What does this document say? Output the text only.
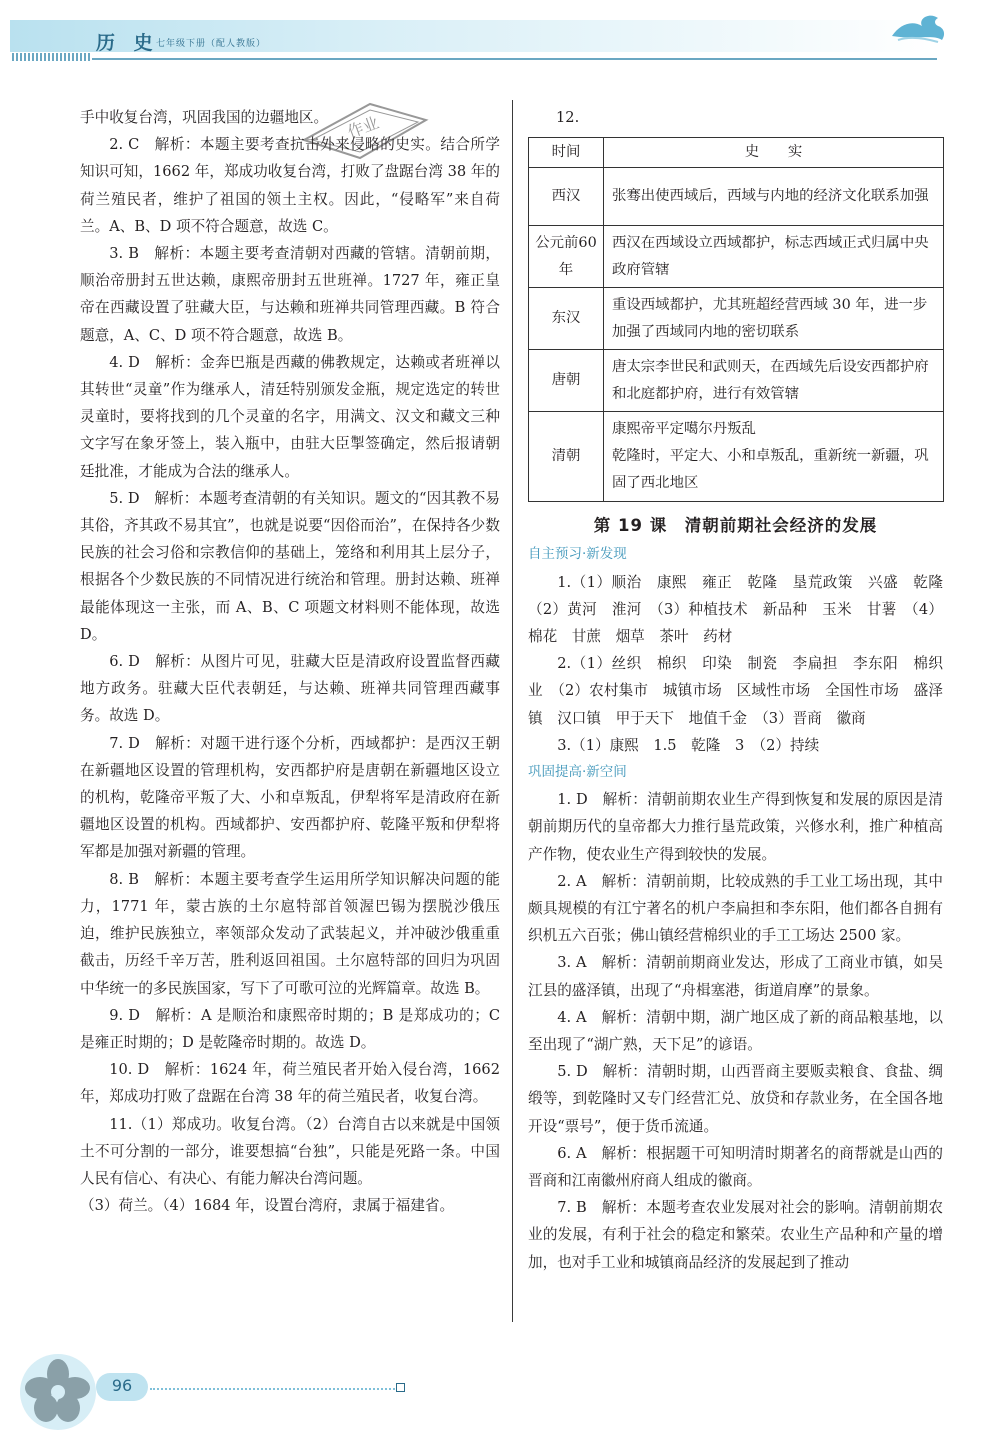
历 史
七年级下册（配人教版）
作业
手中收复台湾，巩固我国的边疆地区。
2. C　解析：本题主要考查抗击外来侵略的史实。结合所学知识可知，1662 年，郑成功收复台湾，打败了盘踞台湾 38 年的荷兰殖民者，维护了祖国的领土主权。因此，“侵略军”来自荷兰。A、B、D 项不符合题意，故选 C。
3. B　解析：本题主要考查清朝对西藏的管辖。清朝前期，顺治帝册封五世达赖，康熙帝册封五世班禅。1727 年，雍正皇帝在西藏设置了驻藏大臣，与达赖和班禅共同管理西藏。B 符合题意，A、C、D 项不符合题意，故选 B。
4. D　解析：金奔巴瓶是西藏的佛教规定，达赖或者班禅以其转世“灵童”作为继承人，清廷特别颁发金瓶，规定选定的转世灵童时，要将找到的几个灵童的名字，用满文、汉文和藏文三种文字写在象牙签上，装入瓶中，由驻大臣掣签确定，然后报请朝廷批准，才能成为合法的继承人。
5. D　解析：本题考查清朝的有关知识。题文的“因其教不易其俗，齐其政不易其宜”，也就是说要“因俗而治”，在保持各少数民族的社会习俗和宗教信仰的基础上，笼络和利用其上层分子，根据各个少数民族的不同情况进行统治和管理。册封达赖、班禅最能体现这一主张，而 A、B、C 项题文材料则不能体现，故选 D。
6. D　解析：从图片可见，驻藏大臣是清政府设置监督西藏地方政务。驻藏大臣代表朝廷，与达赖、班禅共同管理西藏事务。故选 D。
7. D　解析：对题干进行逐个分析，西域都护：是西汉王朝在新疆地区设置的管理机构，安西都护府是唐朝在新疆地区设立的机构，乾隆帝平叛了大、小和卓叛乱，伊犁将军是清政府在新疆地区设置的机构。西域都护、安西都护府、乾隆平叛和伊犁将军都是加强对新疆的管理。
8. B　解析：本题主要考查学生运用所学知识解决问题的能力，1771 年，蒙古族的土尔扈特部首领渥巴锡为摆脱沙俄压迫，维护民族独立，率领部众发动了武装起义，并冲破沙俄重重截击，历经千辛万苦，胜利返回祖国。土尔扈特部的回归为巩固中华统一的多民族国家，写下了可歌可泣的光辉篇章。故选 B。
9. D　解析：A 是顺治和康熙帝时期的；B 是郑成功的；C 是雍正时期的；D 是乾隆帝时期的。故选 D。
10. D　解析：1624 年，荷兰殖民者开始入侵台湾，1662 年，郑成功打败了盘踞在台湾 38 年的荷兰殖民者，收复台湾。
11.（1）郑成功。收复台湾。（2）台湾自古以来就是中国领土不可分割的一部分，谁要想搞“台独”，只能是死路一条。中国人民有信心、有决心、有能力解决台湾问题。
（3）荷兰。（4）1684 年，设置台湾府，隶属于福建省。
12.
时间	史　　实
西汉	张骞出使西域后，西域与内地的经济文化联系加强
公元前60年	西汉在西域设立西域都护，标志西域正式归属中央政府管辖
东汉	重设西域都护，尤其班超经营西域 30 年，进一步加强了西域同内地的密切联系
唐朝	唐太宗李世民和武则天，在西域先后设安西都护府和北庭都护府，进行有效管辖
清朝	康熙帝平定噶尔丹叛乱
乾隆时，平定大、小和卓叛乱，重新统一新疆，巩固了西北地区
第 19 课　清朝前期社会经济的发展
自主预习·新发现
1.（1）顺治　康熙　雍正　乾隆　垦荒政策　兴盛　乾隆　（2）黄河　淮河　（3）种植技术　新品种　玉米　甘薯　（4）棉花　甘蔗　烟草　茶叶　药材
2.（1）丝织　棉织　印染　制瓷　李扁担　李东阳　棉织业　（2）农村集市　城镇市场　区域性市场　全国性市场　盛泽镇　汉口镇　甲于天下　地值千金　（3）晋商　徽商
3.（1）康熙　1.5　乾隆　3　（2）持续
巩固提高·新空间
1. D　解析：清朝前期农业生产得到恢复和发展的原因是清朝前期历代的皇帝都大力推行垦荒政策，兴修水利，推广种植高产作物，使农业生产得到较快的发展。
2. A　解析：清朝前期，比较成熟的手工业工场出现，其中颇具规模的有江宁著名的机户李扁担和李东阳，他们都各自拥有织机五六百张；佛山镇经营棉织业的手工工场达 2500 家。
3. A　解析：清朝前期商业发达，形成了工商业市镇，如吴江县的盛泽镇，出现了“舟楫塞港，街道肩摩”的景象。
4. A　解析：清朝中期，湖广地区成了新的商品粮基地，以至出现了“湖广熟，天下足”的谚语。
5. D　解析：清朝时期，山西晋商主要贩卖粮食、食盐、绸缎等，到乾隆时又专门经营汇兑、放贷和存款业务，在全国各地开设“票号”，便于货币流通。
6. A　解析：根据题干可知明清时期著名的商帮就是山西的晋商和江南徽州府商人组成的徽商。
7. B　解析：本题考查农业发展对社会的影响。清朝前期农业的发展，有利于社会的稳定和繁荣。农业生产品种和产量的增加，也对手工业和城镇商品经济的发展起到了推动
96
